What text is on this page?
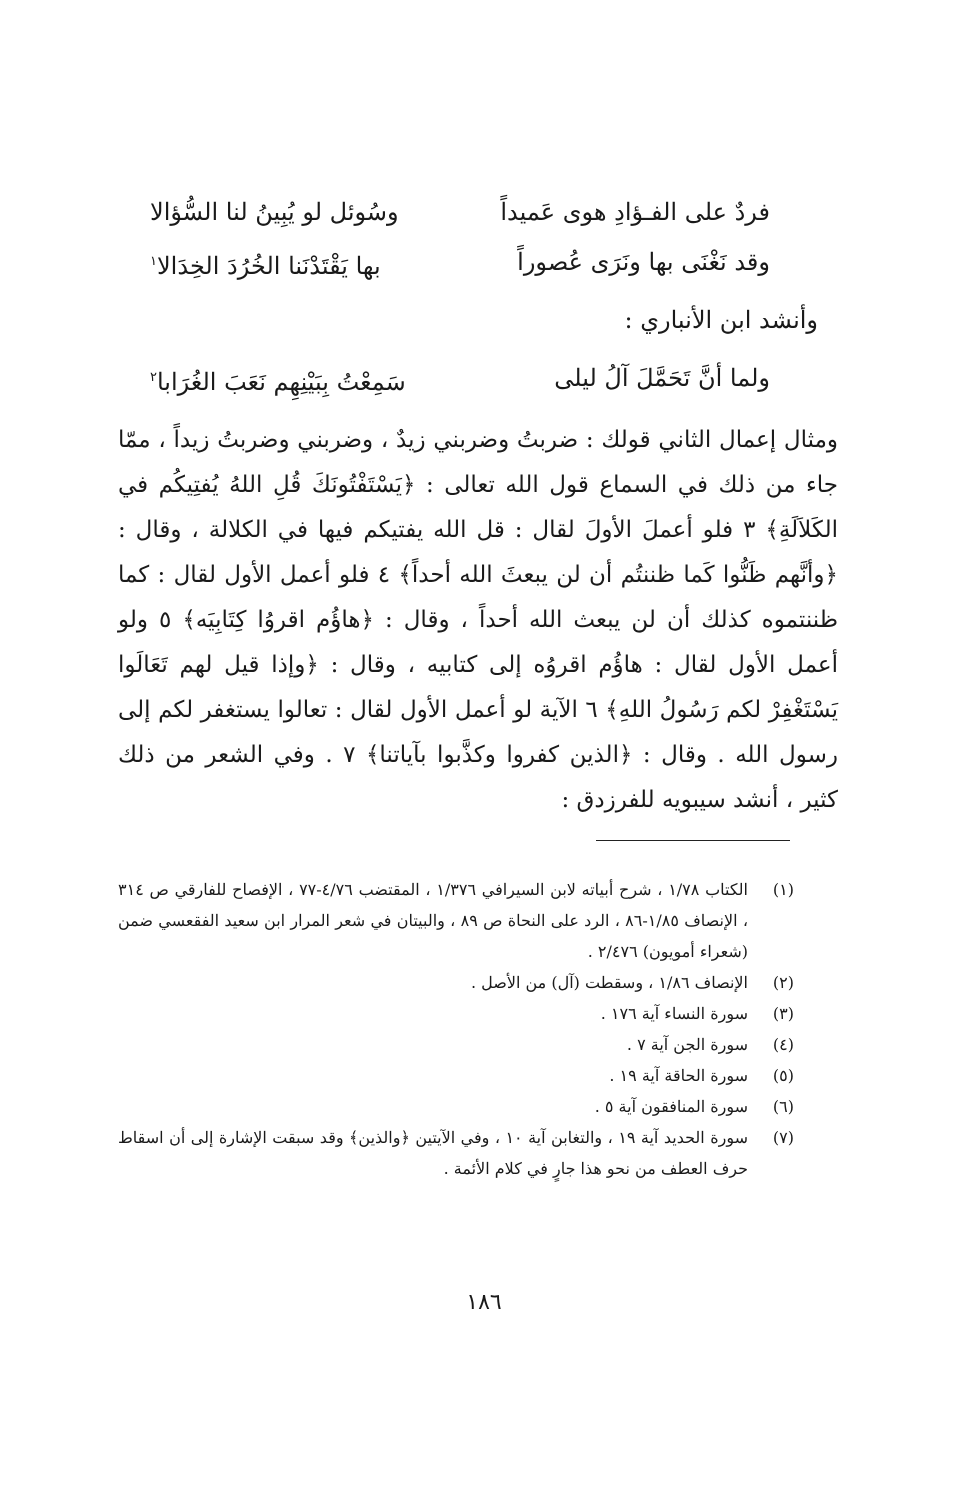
فردٌ على الفـؤادِ هوى عَميداً
وسُوئل لو يُبِينُ لنا السُّؤالا
وقد نَغْنَى بها ونَرَى عُصوراً
بها يَقْتَدْنَنا الخُرُدَ الخِدَالا$^١$
وأنشد ابن الأنباري :
ولما أنَّ تَحَمَّلَ آلُ ليلى
سَمِعْتُ بِبَيْنِهِم نَعَبَ الغُرَابا$^٢$
ومثال إعمال الثاني قولك : ضربتُ وضربني زيدٌ ، وضربني وضربتُ زيداً ، ممّا جاء من ذلك في السماع قول الله تعالى : ﴿يَسْتَفْتُونَكَ قُلِ اللهُ يُفتِيكُم في الكَلاَلَةِ﴾ ٣ فلو أعملَ الأولَ لقال : قل الله يفتيكم فيها في الكلالة ، وقال : ﴿وأنَّهم ظَنُّوا كَما ظننتُم أن لن يبعثَ الله أحداً﴾ ٤ فلو أعمل الأول لقال : كما ظننتموه كذلك أن لن يبعث الله أحداً ، وقال : ﴿هاؤُم اقروُا كِتَابِيَه﴾ ٥ ولو أعمل الأول لقال : هاؤُم اقروُه إلى كتابيه ، وقال : ﴿وإذا قيل لهم تَعَالَوا يَسْتَغْفِرْ لكم رَسُولُ اللهِ﴾ ٦ الآية لو أعمل الأول لقال : تعالوا يستغفر لكم إلى رسول الله . وقال : ﴿الذين كفروا وكذَّبوا بآياتنا﴾ ٧ . وفي الشعر من ذلك كثير ، أنشد سيبويه للفرزدق :
(١)
الكتاب ١/٧٨ ، شرح أبياته لابن السيرافي ١/٣٧٦ ، المقتضب ٤/٧٦-٧٧ ، الإفصاح للفارقي ص ٣١٤ ، الإنصاف ١/٨٥-٨٦ ، الرد على النحاة ص ٨٩ ، والبيتان في شعر المرار ابن سعيد الفقعسي ضمن (شعراء أمويون) ٢/٤٧٦ .
(٢)
الإنصاف ١/٨٦ ، وسقطت (آل) من الأصل .
(٣)
سورة النساء آية ١٧٦ .
(٤)
سورة الجن آية ٧ .
(٥)
سورة الحاقة آية ١٩ .
(٦)
سورة المنافقون آية ٥ .
(٧)
سورة الحديد آية ١٩ ، والتغابن آية ١٠ ، وفي الآيتين ﴿والذين﴾ وقد سبقت الإشارة إلى أن اسقاط حرف العطف من نحو هذا جارٍ في كلام الأئمة .
١٨٦
